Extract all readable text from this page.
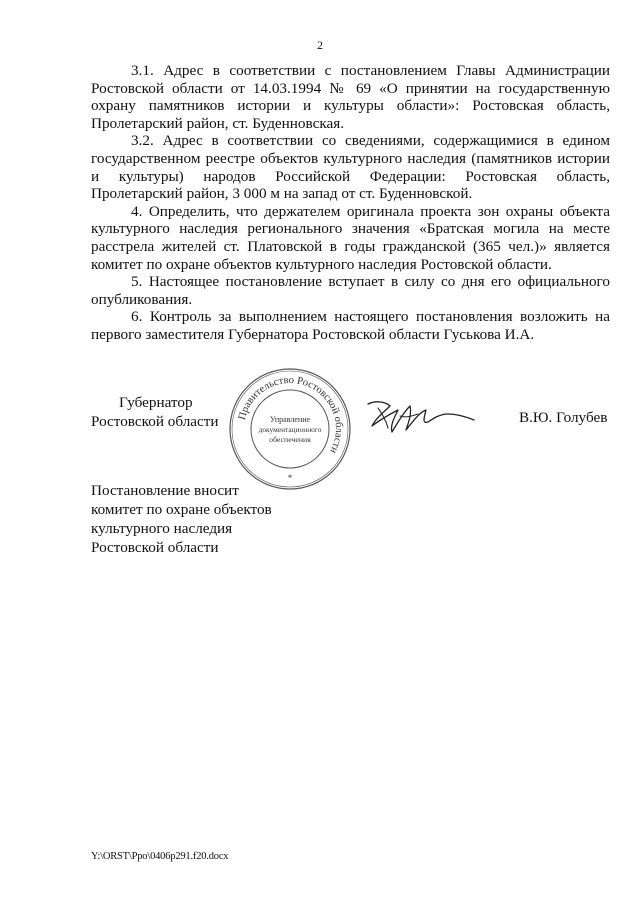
2

3.1. Адрес в соответствии с постановлением Главы Администрации Ростовской области от 14.03.1994 № 69 «О принятии на государственную охрану памятников истории и культуры области»: Ростовская область, Пролетарский район, ст. Буденновская.

3.2. Адрес в соответствии со сведениями, содержащимися в едином государственном реестре объектов культурного наследия (памятников истории и культуры) народов Российской Федерации: Ростовская область, Пролетарский район, 3 000 м на запад от ст. Буденновской.

4. Определить, что держателем оригинала проекта зон охраны объекта культурного наследия регионального значения «Братская могила на месте расстрела жителей ст. Платовской в годы гражданской (365 чел.)» является комитет по охране объектов культурного наследия Ростовской области.

5. Настоящее постановление вступает в силу со дня его официального опубликования.

6. Контроль за выполнением настоящего постановления возложить на первого заместителя Губернатора Ростовской области Гуськова И.А.

Губернатор
Ростовской области Правительство Ростовской области
Управление
документационного
обеспечения
*
В.Ю. Голубев
Постановление вносит
комитет по охране объектов
культурного наследия
Ростовской области
Y:\ORST\Ppo\0406p291.f20.docx
